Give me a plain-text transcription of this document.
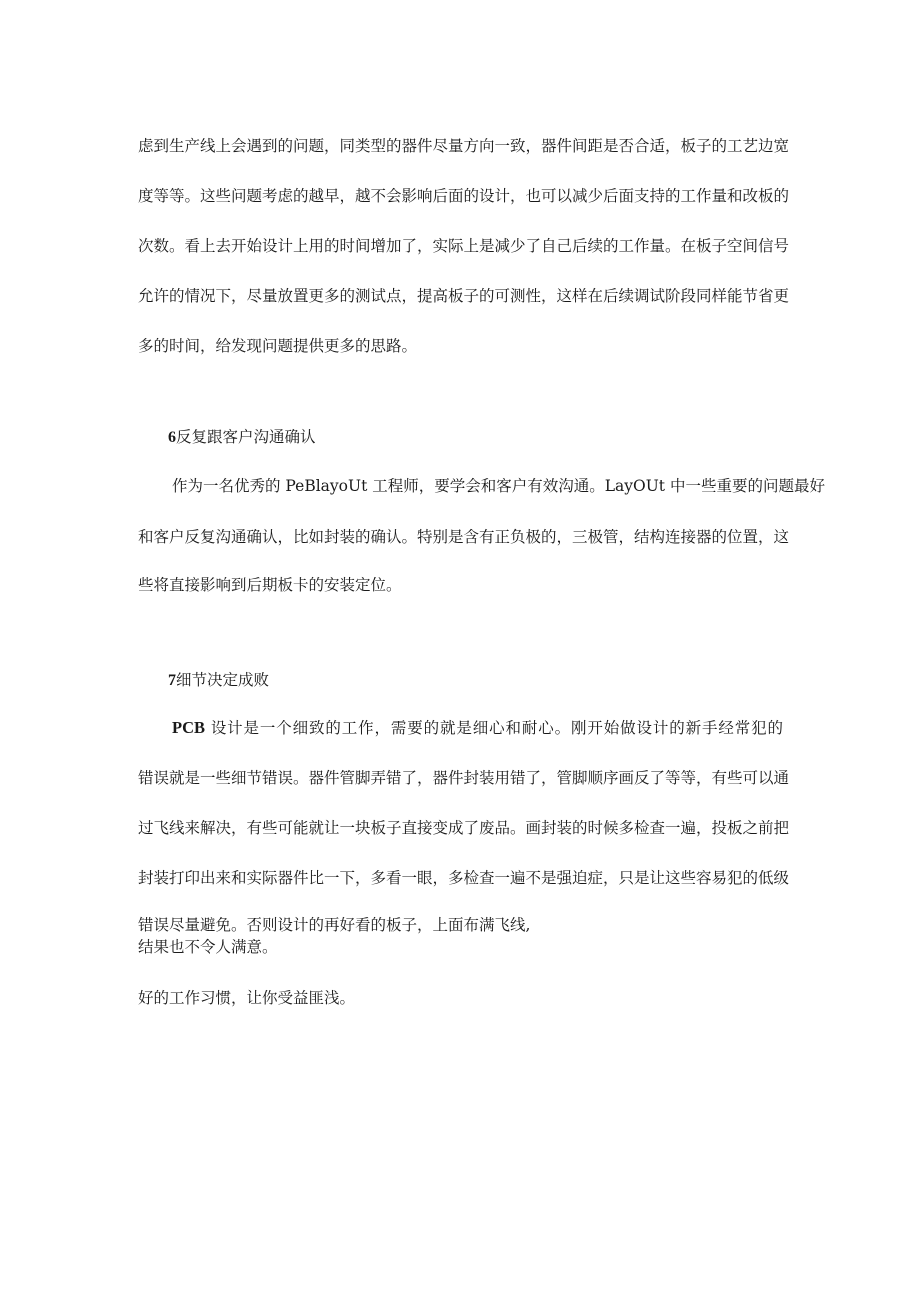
虑到生产线上会遇到的问题，同类型的器件尽量方向一致，器件间距是否合适，板子的工艺边宽
度等等。这些问题考虑的越早，越不会影响后面的设计，也可以减少后面支持的工作量和改板的
次数。看上去开始设计上用的时间增加了，实际上是减少了自己后续的工作量。在板子空间信号
允许的情况下，尽量放置更多的测试点，提高板子的可测性，这样在后续调试阶段同样能节省更
多的时间，给发现问题提供更多的思路。
6反复跟客户沟通确认
作为一名优秀的 PeBlayoUt 工程师，要学会和客户有效沟通。LayOUt 中一些重要的问题最好
和客户反复沟通确认，比如封装的确认。特别是含有正负极的，三极管，结构连接器的位置，这
些将直接影响到后期板卡的安装定位。
7细节决定成败
PCB 设计是一个细致的工作，需要的就是细心和耐心。刚开始做设计的新手经常犯的
错误就是一些细节错误。器件管脚弄错了，器件封装用错了，管脚顺序画反了等等，有些可以通
过飞线来解决，有些可能就让一块板子直接变成了废品。画封装的时候多检查一遍，投板之前把
封装打印出来和实际器件比一下，多看一眼，多检查一遍不是强迫症，只是让这些容易犯的低级
错误尽量避免。否则设计的再好看的板子，上面布满飞线,
结果也不令人满意。
好的工作习惯，让你受益匪浅。
